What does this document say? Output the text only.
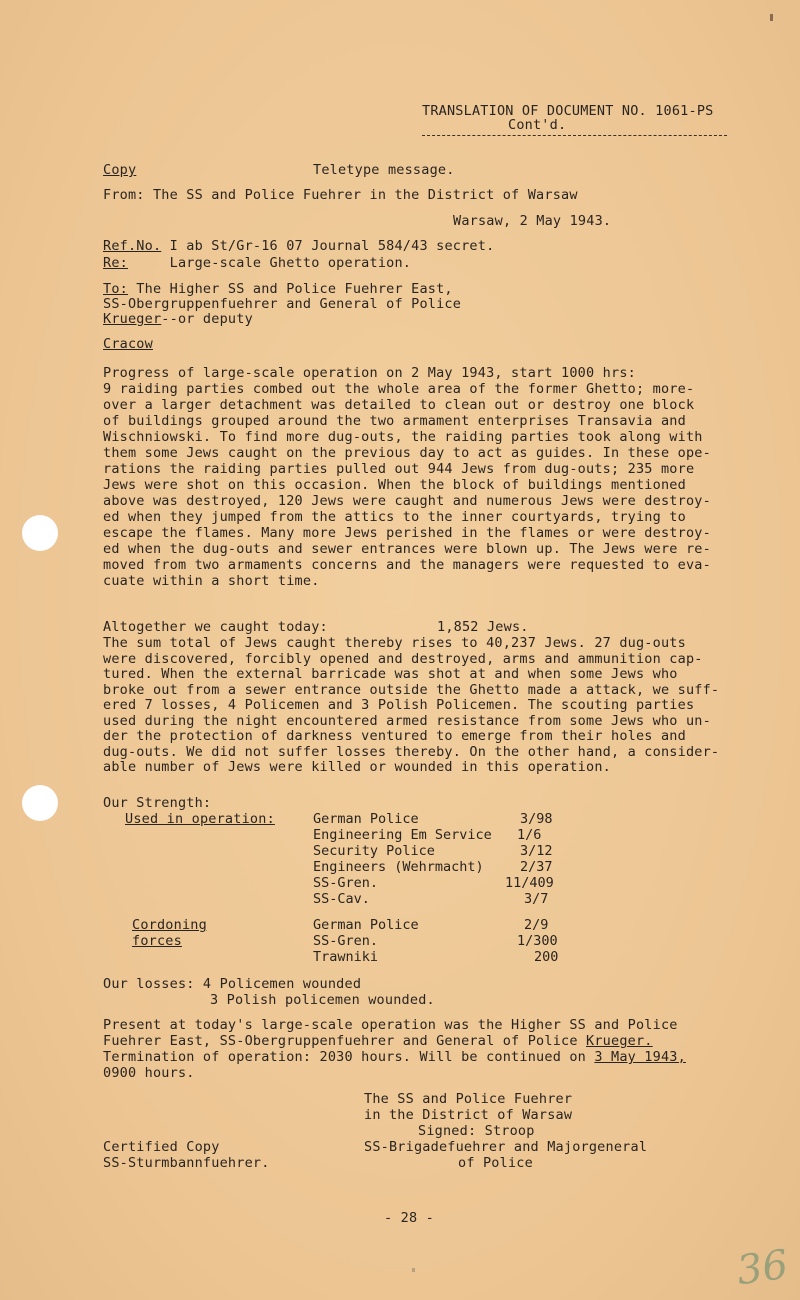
TRANSLATION OF DOCUMENT NO. 1061-PS
Cont'd.
Copy	Teletype message.
From: The SS and Police Fuehrer in the District of Warsaw
Warsaw, 2 May 1943.
Ref.No. I ab St/Gr-16 07 Journal 584/43 secret.
Re:     Large-scale Ghetto operation.
To: The Higher SS and Police Fuehrer East,
SS-Obergruppenfuehrer and General of Police
Krueger--or deputy
Cracow
Progress of large-scale operation on 2 May 1943, start 1000 hrs:
9 raiding parties combed out the whole area of the former Ghetto; more-
over a larger detachment was detailed to clean out or destroy one block
of buildings grouped around the two armament enterprises Transavia and
Wischniowski. To find more dug-outs, the raiding parties took along with
them some Jews caught on the previous day to act as guides. In these ope-
rations the raiding parties pulled out 944 Jews from dug-outs; 235 more
Jews were shot on this occasion. When the block of buildings mentioned
above was destroyed, 120 Jews were caught and numerous Jews were destroy-
ed when they jumped from the attics to the inner courtyards, trying to
escape the flames. Many more Jews perished in the flames or were destroy-
ed when the dug-outs and sewer entrances were blown up. The Jews were re-
moved from two armaments concerns and the managers were requested to eva-
cuate within a short time.

Altogether we caught today:	1,852 Jews.
The sum total of Jews caught thereby rises to 40,237 Jews. 27 dug-outs
were discovered, forcibly opened and destroyed, arms and ammunition cap-
tured. When the external barricade was shot at and when some Jews who
broke out from a sewer entrance outside the Ghetto made a attack, we suff-
ered 7 losses, 4 Policemen and 3 Polish Policemen. The scouting parties
used during the night encountered armed resistance from some Jews who un-
der the protection of darkness ventured to emerge from their holes and
dug-outs. We did not suffer losses thereby. On the other hand, a consider-
able number of Jews were killed or wounded in this operation.

Our Strength:
Used in operation:	German Police	3/98
Engineering Em Service 1/6
Security Police	3/12
Engineers (Wehrmacht)	2/37
SS-Gren.	11/409
SS-Cav.	3/7
Cordoning
forces
German Police	2/9
SS-Gren.	1/300
Trawniki	200
Our losses: 4 Policemen wounded
3 Polish policemen wounded.
Present at today's large-scale operation was the Higher SS and Police
Fuehrer East, SS-Obergruppenfuehrer and General of Police Krueger.
Termination of operation: 2030 hours. Will be continued on 3 May 1943,
0900 hours.
The SS and Police Fuehrer
in the District of Warsaw
Signed: Stroop
Certified Copy	SS-Brigadefuehrer and Majorgeneral
SS-Sturmbannfuehrer.	of Police
- 28 -
36
